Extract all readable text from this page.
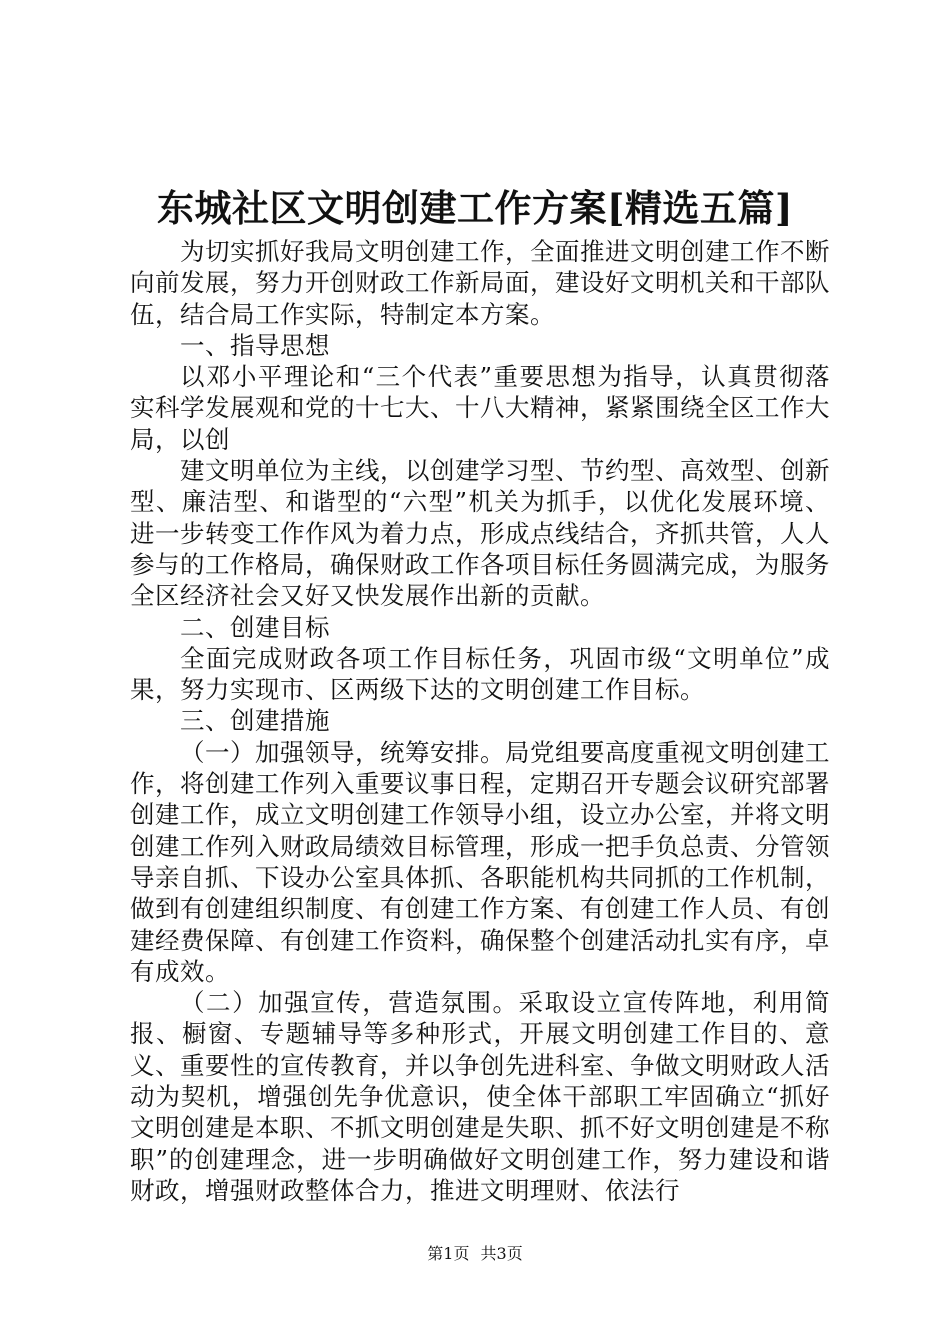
东城社区文明创建工作方案[精选五篇]

为切实抓好我局文明创建工作，全面推进文明创建工作不断向前发展，努力开创财政工作新局面，建设好文明机关和干部队伍，结合局工作实际，特制定本方案。

一、指导思想

以邓小平理论和“三个代表”重要思想为指导，认真贯彻落实科学发展观和党的十七大、十八大精神，紧紧围绕全区工作大局，以创

建文明单位为主线，以创建学习型、节约型、高效型、创新型、廉洁型、和谐型的“六型”机关为抓手，以优化发展环境、进一步转变工作作风为着力点，形成点线结合，齐抓共管，人人参与的工作格局，确保财政工作各项目标任务圆满完成，为服务全区经济社会又好又快发展作出新的贡献。

二、创建目标

全面完成财政各项工作目标任务，巩固市级“文明单位”成果，努力实现市、区两级下达的文明创建工作目标。

三、创建措施

（一）加强领导，统筹安排。局党组要高度重视文明创建工作，将创建工作列入重要议事日程，定期召开专题会议研究部署创建工作，成立文明创建工作领导小组，设立办公室，并将文明创建工作列入财政局绩效目标管理，形成一把手负总责、分管领导亲自抓、下设办公室具体抓、各职能机构共同抓的工作机制，做到有创建组织制度、有创建工作方案、有创建工作人员、有创建经费保障、有创建工作资料，确保整个创建活动扎实有序，卓有成效。

（二）加强宣传，营造氛围。采取设立宣传阵地，利用简报、橱窗、专题辅导等多种形式，开展文明创建工作目的、意义、重要性的宣传教育，并以争创先进科室、争做文明财政人活动为契机，增强创先争优意识，使全体干部职工牢固确立“抓好文明创建是本职、不抓文明创建是失职、抓不好文明创建是不称职”的创建理念，进一步明确做好文明创建工作，努力建设和谐财政，增强财政整体合力，推进文明理财、依法行

第1页 共3页
